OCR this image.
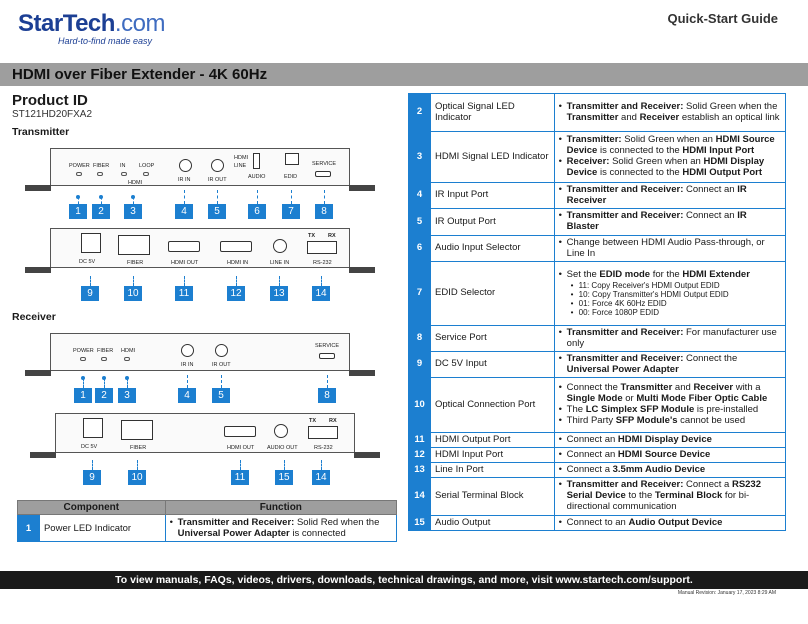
StarTech.com
Hard-to-find made easy
Quick-Start Guide
HDMI over Fiber Extender - 4K 60Hz
Product ID
ST121HD20FXA2
Transmitter
POWER FIBER IN LOOP
HDMI	IR IN	IR OUT
HDMI
LINE
AUDIO	EDID
SERVICE
1	2	3	4	5	6	7	8
DC 5V	FIBER	HDMI OUT	HDMI IN	LINE IN
TX RX
RS-232
9	10	11	12	13	14
Receiver
POWER FIBER HDMI
IR IN	IR OUT
SERVICE
1	2	3	4	5	8
DC 5V	FIBER	HDMI OUT AUDIO OUT
TX RX
RS-232
9	10	11	15	14
Component		Function
1	Power LED Indicator	• Transmitter and Receiver: Solid Red when the Universal Power Adapter is connected
2	Optical Signal LED Indicator	• Transmitter and Receiver: Solid Green when the Transmitter and Receiver establish an optical link

3	HDMI Signal LED Indicator	• Transmitter: Solid Green when an HDMI Source Device is connected to the HDMI Input Port
• Receiver: Solid Green when an HDMI Display Device is connected to the HDMI Output Port

4	IR Input Port	• Transmitter and Receiver: Connect an IR Receiver

5	IR Output Port	• Transmitter and Receiver: Connect an IR Blaster

6	Audio Input Selector	• Change between HDMI Audio Pass-through, or Line In

7	EDID Selector	• Set the EDID mode for the HDMI Extender
• 11: Copy Receiver's HDMI Output EDID
• 10: Copy Transmitter's HDMI Output EDID
• 01: Force 4K 60Hz EDID
• 00: Force 1080P EDID

8	Service Port	• Transmitter and Receiver: For manufacturer use only

9	DC 5V Input	• Transmitter and Receiver: Connect the Universal Power Adapter

10	Optical Connection Port	• Connect the Transmitter and Receiver with a Single Mode or Multi Mode Fiber Optic Cable
• The LC Simplex SFP Module is pre-installed
• Third Party SFP Module's cannot be used

11	HDMI Output Port	• Connect an HDMI Display Device

12	HDMI Input Port	• Connect an HDMI Source Device

13	Line In Port	• Connect a 3.5mm Audio Device

14	Serial Terminal Block	• Transmitter and Receiver: Connect a RS232 Serial Device to the Terminal Block for bi-directional communication

15	Audio Output	• Connect to an Audio Output Device
To view manuals, FAQs, videos, drivers, downloads, technical drawings, and more, visit www.startech.com/support.
Manual Revision: January 17, 2023 8:29 AM
